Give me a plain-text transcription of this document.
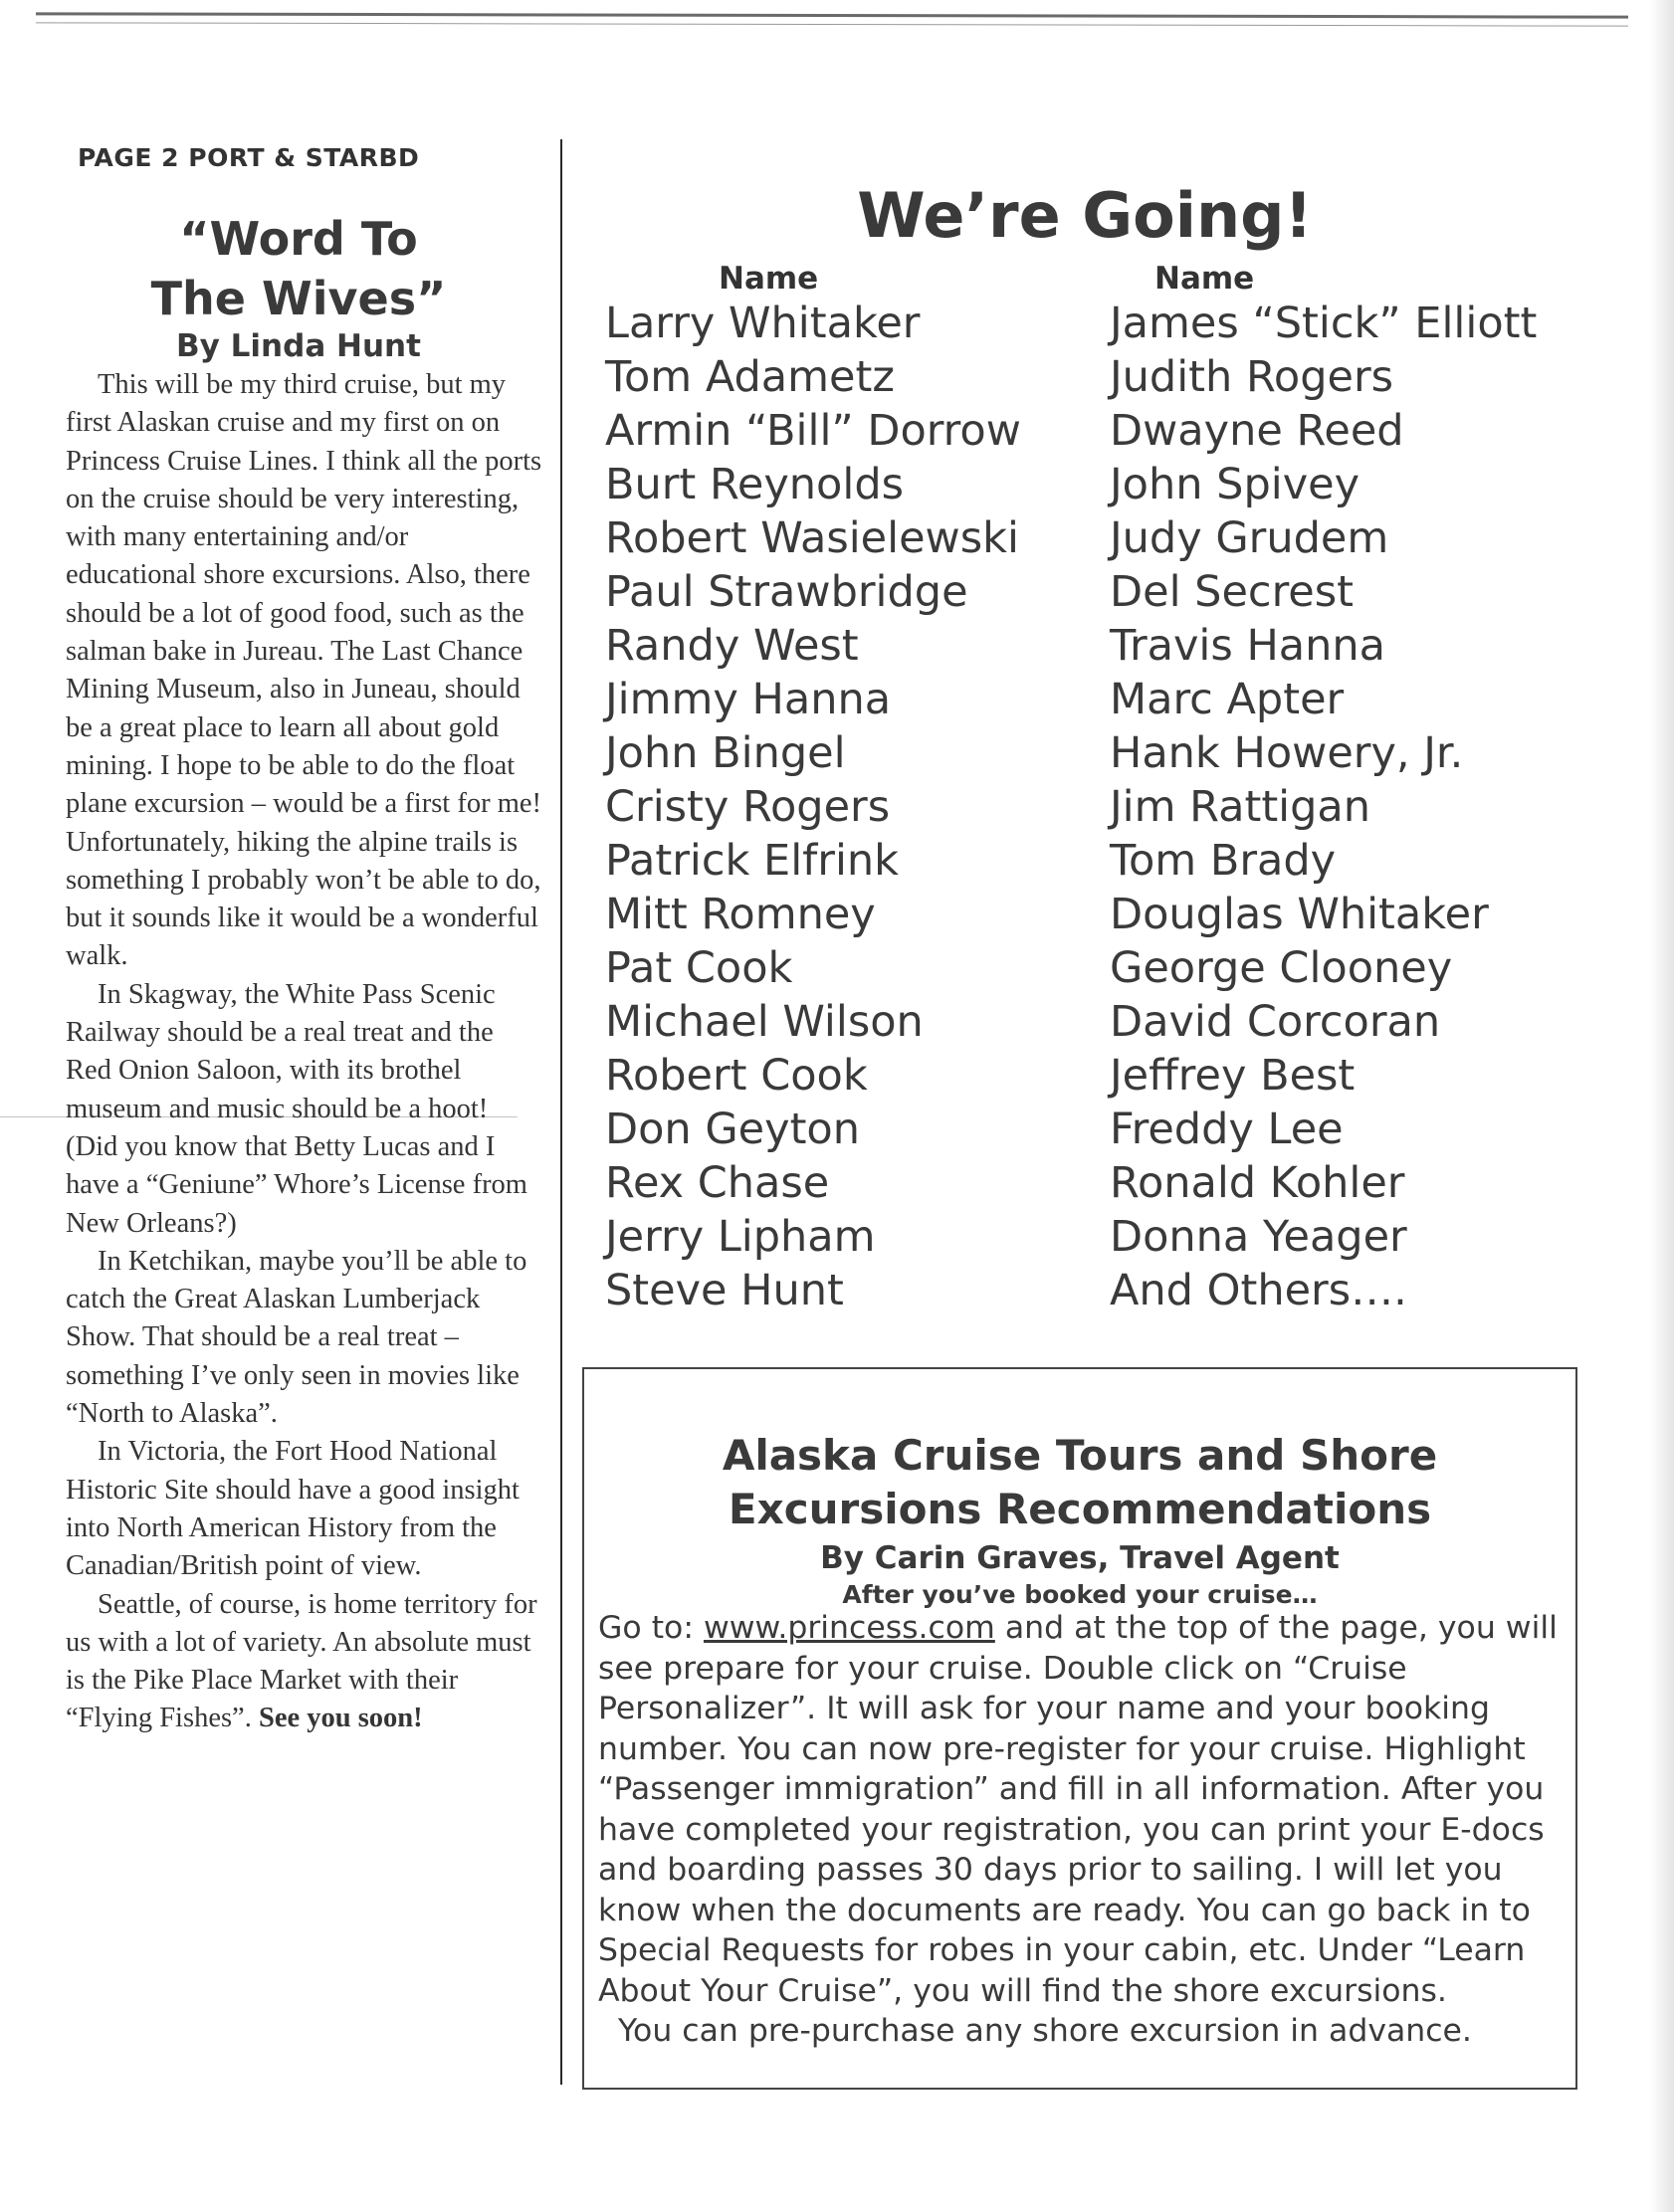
PAGE 2 PORT & STARBD
“Word To
The Wives”
By Linda Hunt

This will be my third cruise, but my first Alaskan cruise and my first on on Princess Cruise Lines. I think all the ports on the cruise should be very interesting, with many entertaining and/or educational shore excursions. Also, there should be a lot of good food, such as the salman bake in Jureau. The Last Chance Mining Museum, also in Juneau, should be a great place to learn all about gold mining. I hope to be able to do the float plane excursion – would be a first for me! Unfortunately, hiking the alpine trails is something I probably won’t be able to do, but it sounds like it would be a wonderful walk.

In Skagway, the White Pass Scenic Railway should be a real treat and the Red Onion Saloon, with its brothel museum and music should be a hoot! (Did you know that Betty Lucas and I have a “Geniune” Whore’s License from New Orleans?)

In Ketchikan, maybe you’ll be able to catch the Great Alaskan Lumberjack Show. That should be a real treat – something I’ve only seen in movies like “North to Alaska”.

In Victoria, the Fort Hood National Historic Site should have a good insight into North American History from the Canadian/British point of view.

Seattle, of course, is home territory for us with a lot of variety. An absolute must is the Pike Place Market with their “Flying Fishes”. See you soon!

We’re Going!
Name	Name
Larry Whitaker
Tom Adametz
Armin “Bill” Dorrow
Burt Reynolds
Robert Wasielewski
Paul Strawbridge
Randy West
Jimmy Hanna
John Bingel
Cristy Rogers
Patrick Elfrink
Mitt Romney
Pat Cook
Michael Wilson
Robert Cook
Don Geyton
Rex Chase
Jerry Lipham
Steve Hunt
James “Stick” Elliott
Judith Rogers
Dwayne Reed
John Spivey
Judy Grudem
Del Secrest
Travis Hanna
Marc Apter
Hank Howery, Jr.
Jim Rattigan
Tom Brady
Douglas Whitaker
George Clooney
David Corcoran
Jeffrey Best
Freddy Lee
Ronald Kohler
Donna Yeager
And Others….
Alaska Cruise Tours and Shore
Excursions Recommendations
By Carin Graves, Travel Agent
After you’ve booked your cruise…

Go to: www.princess.com and at the top of the page, you will see prepare for your cruise. Double click on “Cruise Personalizer”. It will ask for your name and your booking number. You can now pre-register for your cruise. Highlight “Passenger immigration” and fill in all information. After you have completed your registration, you can print your E-docs and boarding passes 30 days prior to sailing. I will let you know when the documents are ready. You can go back in to Special Requests for robes in your cabin, etc. Under “Learn About Your Cruise”, you will find the shore excursions.

You can pre-purchase any shore excursion in advance.
